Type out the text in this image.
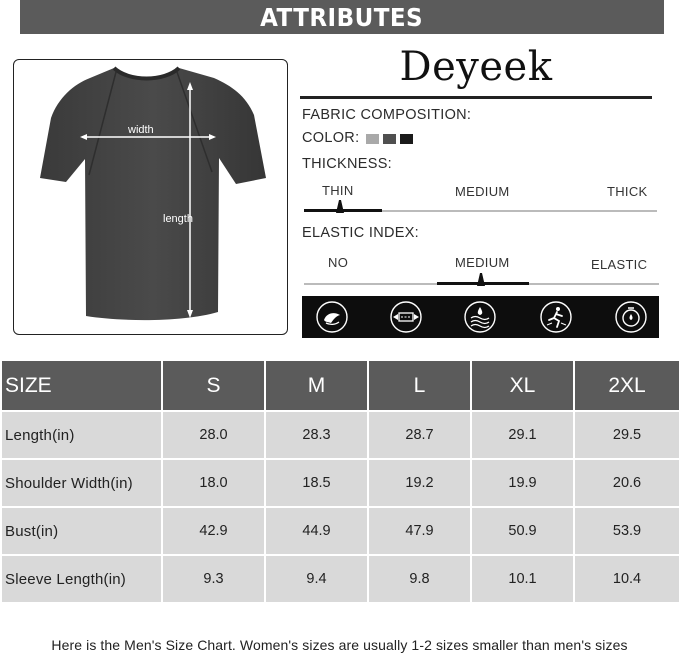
ATTRIBUTES
width
length
Deyeek
FABRIC COMPOSITION:
COLOR:
THICKNESS:
THIN	MEDIUM	THICK
ELASTIC INDEX:
NO	MEDIUM	ELASTIC
SIZE	S	M	L	XL	2XL
Length(in)	28.0	28.3	28.7	29.1	29.5
Shoulder Width(in)	18.0	18.5	19.2	19.9	20.6
Bust(in)	42.9	44.9	47.9	50.9	53.9
Sleeve Length(in)	9.3	9.4	9.8	10.1	10.4
Here is the Men's Size Chart. Women's sizes are usually 1-2 sizes smaller than men's sizes
